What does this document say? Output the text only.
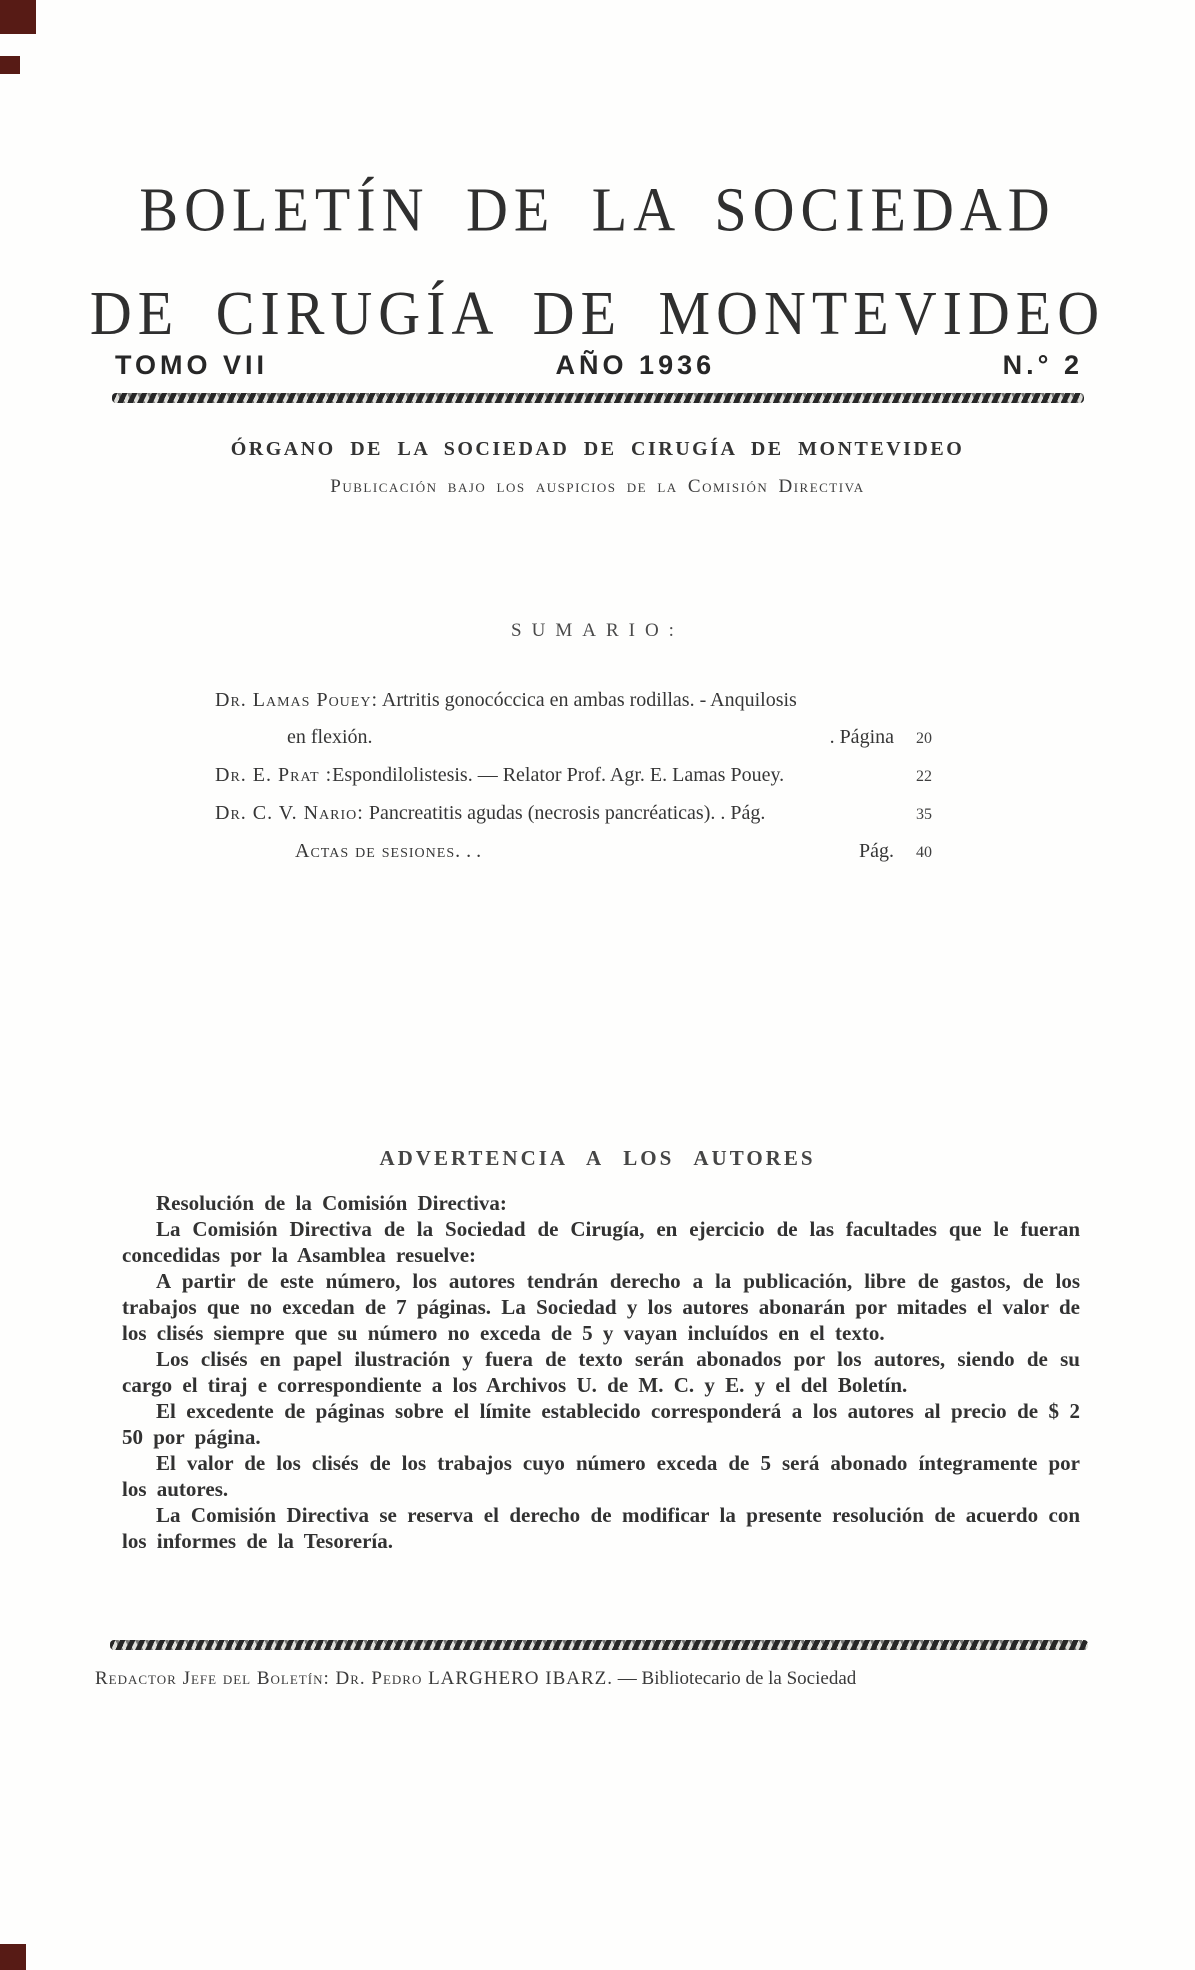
BOLETÍN DE LA SOCIEDAD
DE CIRUGÍA DE MONTEVIDEO
TOMO VII	AÑO 1936	N.° 2
ÓRGANO DE LA SOCIEDAD DE CIRUGÍA DE MONTEVIDEO
Publicación bajo los auspicios de la Comisión Directiva
SUMARIO:
Dr. Lamas Pouey: Artritis gonocóccica en ambas rodillas. - Anquilosis
en flexión.	. Página 20
Dr. E. Prat :Espondilolistesis. — Relator Prof. Agr. E. Lamas Pouey.	22
Dr. C. V. Nario: Pancreatitis agudas (necrosis pancréaticas). . Pág.	35
Actas de sesiones. . .	Pág. 40
ADVERTENCIA A LOS AUTORES

Resolución de la Comisión Directiva:

La Comisión Directiva de la Sociedad de Cirugía, en ejercicio de las facultades que le fueran concedidas por la Asamblea resuelve:

A partir de este número, los autores tendrán derecho a la publicación, libre de gastos, de los trabajos que no excedan de 7 páginas. La Sociedad y los autores abonarán por mitades el valor de los clisés siempre que su número no exceda de 5 y vayan incluídos en el texto.

Los clisés en papel ilustración y fuera de texto serán abonados por los autores, siendo de su cargo el tiraj e correspondiente a los Archivos U. de M. C. y E. y el del Boletín.

El excedente de páginas sobre el límite establecido corresponderá a los autores al precio de $ 2 50 por página.

El valor de los clisés de los trabajos cuyo número exceda de 5 será abonado íntegramente por los autores.

La Comisión Directiva se reserva el derecho de modificar la presente resolución de acuerdo con los informes de la Tesorería.

Redactor Jefe del Boletín: Dr. Pedro LARGHERO IBARZ. — Bibliotecario de la Sociedad
